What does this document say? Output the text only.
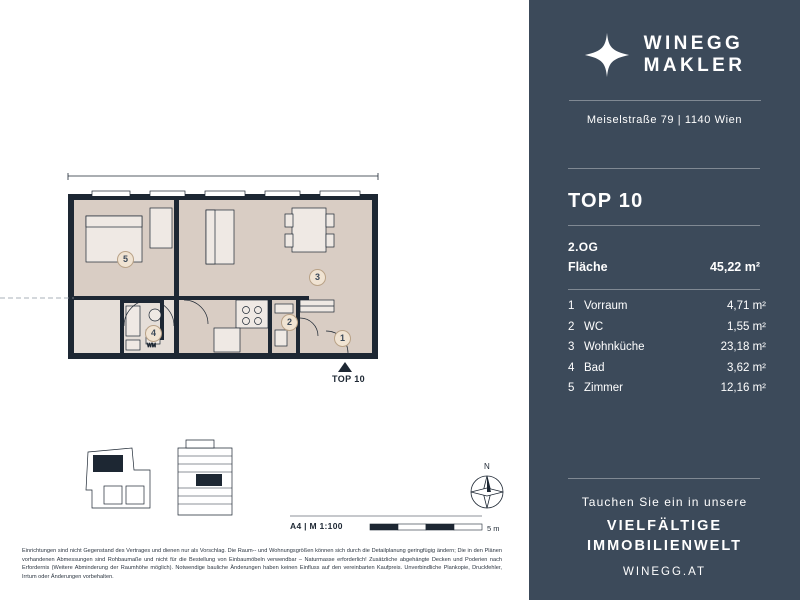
WM
1
2
3
4
5
TOP 10
A4 | M 1:100	5 m
N
Einrichtungen sind nicht Gegenstand des Vertrages und dienen nur als Vorschlag. Die Raum-- und Wohnungsgrößen können sich durch die Detailplanung geringfügig ändern; Die in den Plänen vorhandenen Abmessungen sind Rohbaumaße und nicht für die Bestellung von Einbaumöbeln verwendbar – Naturmasse erforderlich! Zusätzliche abgehängte Decken und Poderien nach Erfordernis (Weitere Abminderung der Raumhöhe möglich). Notwendige bauliche Änderungen haben keinen Einfluss auf den vereinbarten Kaufpreis. Unverbindliche Plankopie, Druckfehler, Irrtum oder Änderungen vorbehalten.
WINEGG
MAKLER
Meiselstraße 79 | 1140 Wien
TOP 10
2.OG
Fläche	45,22 m²
1 Vorraum	4,71 m²
2 WC	1,55 m²
3 Wohnküche	23,18 m²
4 Bad	3,62 m²
5 Zimmer	12,16 m²
Tauchen Sie ein in unsere
VIELFÄLTIGE
IMMOBILIENWELT
WINEGG.AT
